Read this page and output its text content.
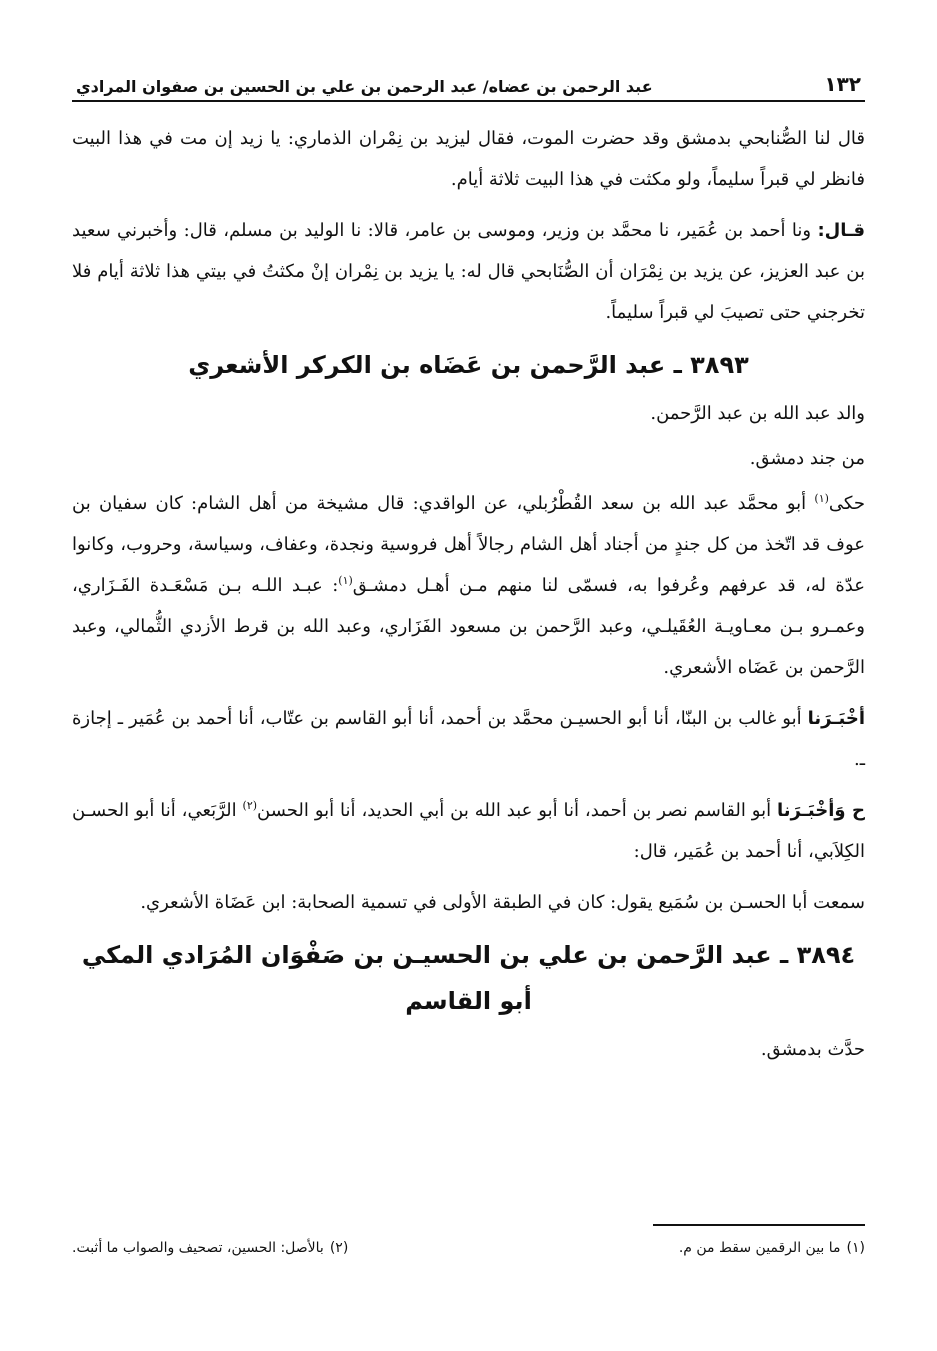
١٣٢
عبد الرحمن بن عضاه/ عبد الرحمن بن علي بن الحسين بن صفوان المرادي

قال لنا الصُّنابحي بدمشق وقد حضرت الموت، فقال ليزيد بن نِمْران الذماري: يا زيد إن مت في هذا البيت فانظر لي قبراً سليماً، ولو مكثت في هذا البيت ثلاثة أيام.

قـال: ونا أحمد بن عُمَير، نا محمَّد بن وزير، وموسى بن عامر، قالا: نا الوليد بن مسلم، قال: وأخبرني سعيد بن عبد العزيز، عن يزيد بن نِمْرَان أن الصُّنَابحي قال له: يا يزيد بن نِمْران إنْ مكثتُ في بيتي هذا ثلاثة أيام فلا تخرجني حتى تصيبَ لي قبراً سليماً.

٣٨٩٣ ـ عبد الرَّحمن بن عَضَاه بن الكركر الأشعري

والد عبد الله بن عبد الرَّحمن.

من جند دمشق.

حكى$^{(١)}$ أبو محمَّد عبد الله بن سعد القُطْرُبلي، عن الواقدي: قال مشيخة من أهل الشام: كان سفيان بن عوف قد اتّخذ من كل جندٍ من أجناد أهل الشام رجالاً أهل فروسية ونجدة، وعفاف، وسياسة، وحروب، وكانوا عدّة له، قد عرفهم وعُرفوا به، فسمّى لنا منهم مـن أهـل دمشـق$^{(١)}$: عبـد اللـه بـن مَسْعَـدة الفَـزَاري، وعمـرو بـن معـاويـة العُقَيلـي، وعبد الرَّحمن بن مسعود الفَزَاري، وعبد الله بن قرط الأزدي الثُّمالي، وعبد الرَّحمن بن عَضَاه الأشعري.

أخْبَـرَنا أبو غالب بن البنّا، أنا أبو الحسيـن محمَّد بن أحمد، أنا أبو القاسم بن عتّاب، أنا أحمد بن عُمَير ـ إجازة ـ.

ح وَأخْبَـرَنا أبو القاسم نصر بن أحمد، أنا أبو عبد الله بن أبي الحديد، أنا أبو الحسن$^{(٢)}$ الرَّبَعي، أنا أبو الحسـن الكِلاَبي، أنا أحمد بن عُمَير، قال:

سمعت أبا الحسـن بن سُمَيع يقول: كان في الطبقة الأولى في تسمية الصحابة: ابن عَضَاة الأشعري.

٣٨٩٤ ـ عبد الرَّحمن بن علي بن الحسيـن بن صَفْوَان المُرَادي المكي
أبو القاسم

حدَّث بدمشق.

(١)ما بين الرقمين سقط من م.
(٢)بالأصل: الحسين، تصحيف والصواب ما أثبت.
